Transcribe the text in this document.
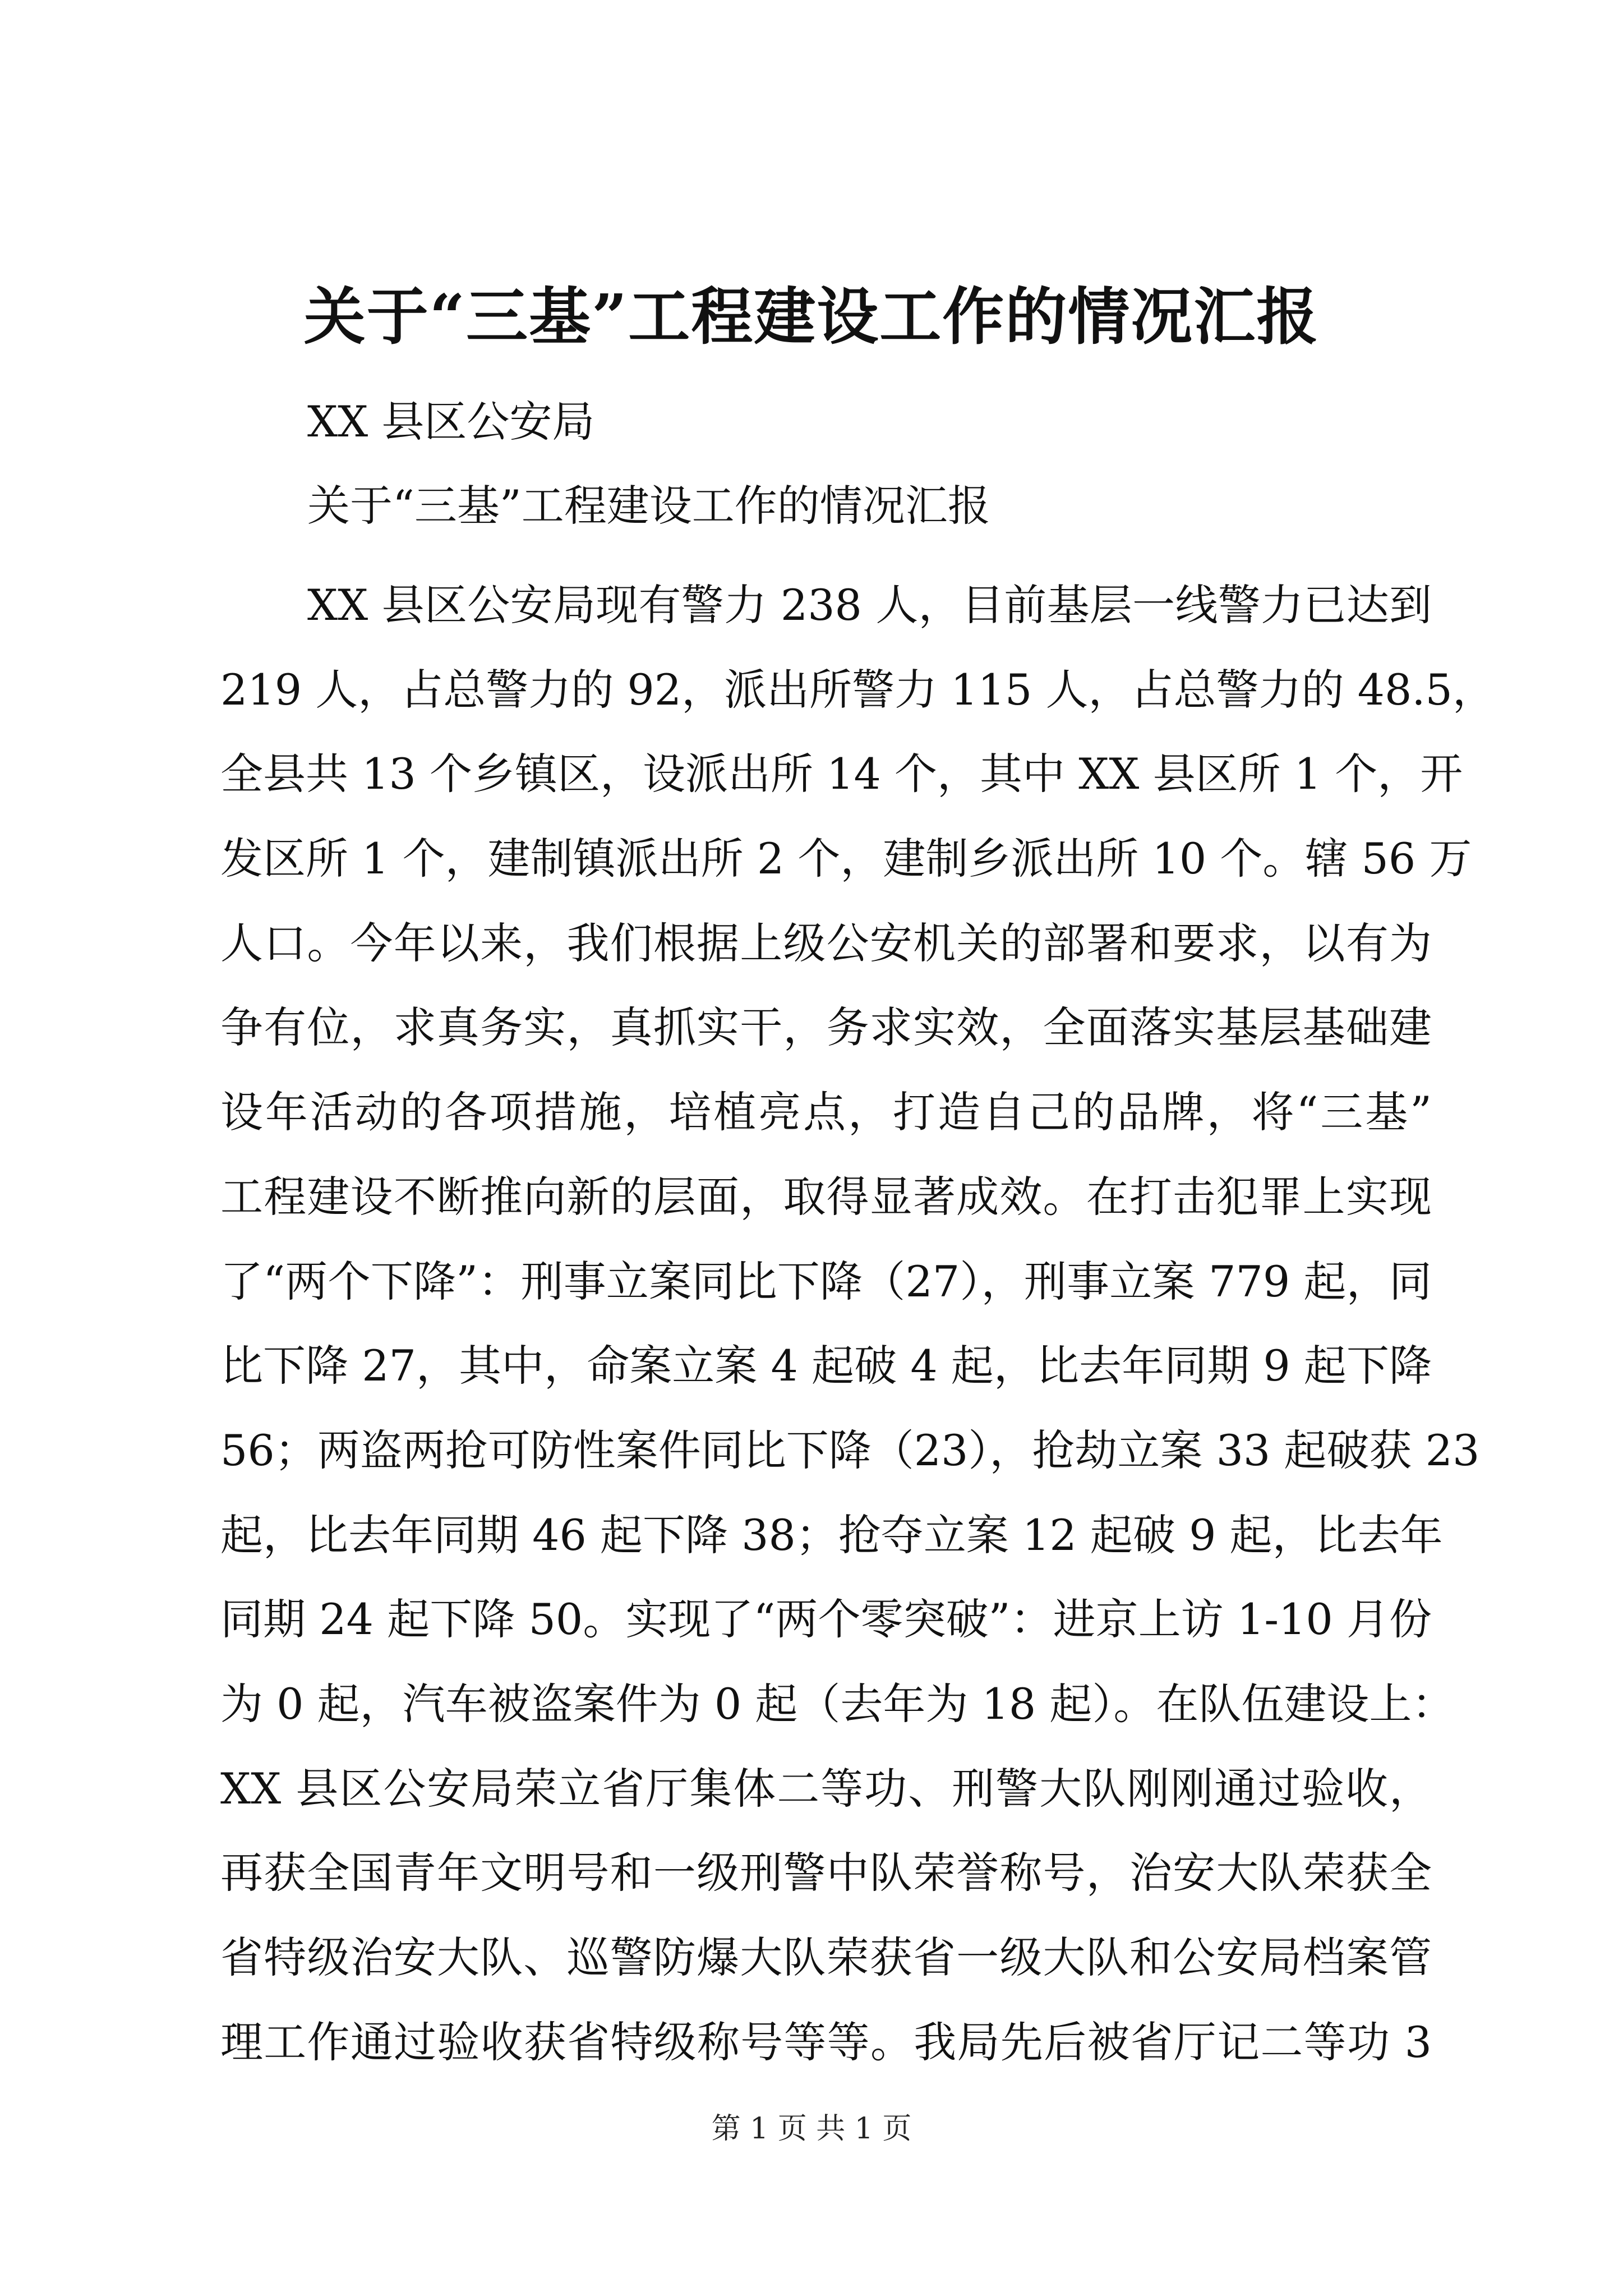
关于“三基”工程建设工作的情况汇报
XX 县区公安局
关于“三基”工程建设工作的情况汇报
XX 县区公安局现有警力 238 人，目前基层一线警力已达到
219 人，占总警力的 92，派出所警力 115 人，占总警力的 48.5，
全县共 13 个乡镇区，设派出所 14 个，其中 XX 县区所 1 个，开
发区所 1 个，建制镇派出所 2 个，建制乡派出所 10 个。辖 56 万
人口。今年以来，我们根据上级公安机关的部署和要求，以有为
争有位，求真务实，真抓实干，务求实效，全面落实基层基础建
设年活动的各项措施，培植亮点，打造自己的品牌，将“三基”
工程建设不断推向新的层面，取得显著成效。在打击犯罪上实现
了“两个下降”：刑事立案同比下降（27），刑事立案 779 起，同
比下降 27，其中，命案立案 4 起破 4 起，比去年同期 9 起下降
56；两盗两抢可防性案件同比下降（23），抢劫立案 33 起破获 23
起，比去年同期 46 起下降 38；抢夺立案 12 起破 9 起，比去年
同期 24 起下降 50。实现了“两个零突破”：进京上访 1-10 月份
为 0 起，汽车被盗案件为 0 起（去年为 18 起）。在队伍建设上：
XX 县区公安局荣立省厅集体二等功、刑警大队刚刚通过验收，
再获全国青年文明号和一级刑警中队荣誉称号，治安大队荣获全
省特级治安大队、巡警防爆大队荣获省一级大队和公安局档案管
理工作通过验收获省特级称号等等。我局先后被省厅记二等功 3
第 1 页 共 1 页
